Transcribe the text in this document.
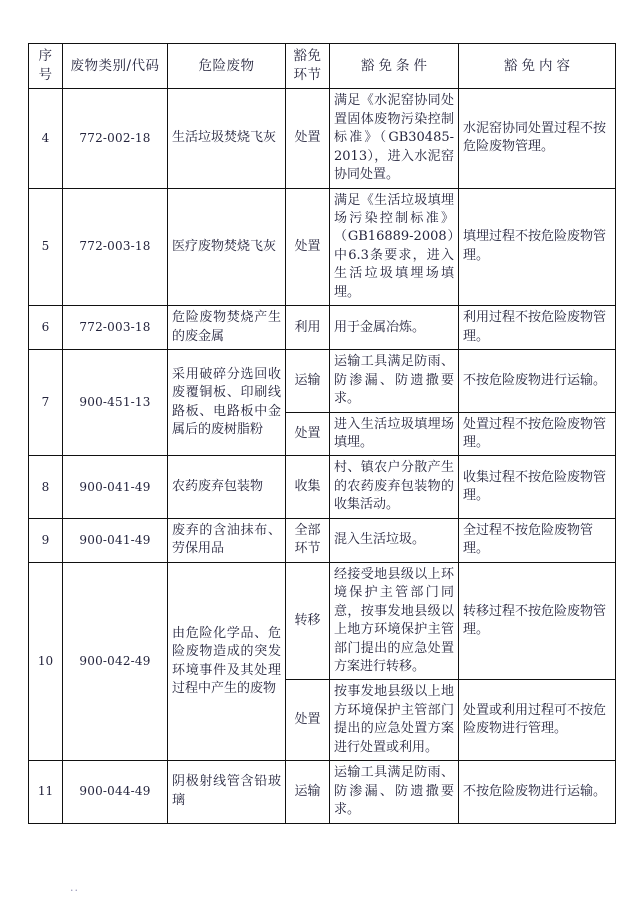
序号	废物类别/代码	危险废物	豁免环节	豁免条件	豁免内容
4	772-002-18	生活垃圾焚烧飞灰	处置	满足《水泥窑协同处置固体废物污染控制标准》（GB30485-2013），进入水泥窑协同处置。	水泥窑协同处置过程不按危险废物管理。
5	772-003-18	医疗废物焚烧飞灰	处置	满足《生活垃圾填埋场污染控制标准》（GB16889-2008）中6.3条要求，进入生活垃圾填埋场填埋。	填埋过程不按危险废物管理。
6	772-003-18	危险废物焚烧产生的废金属	利用	用于金属冶炼。	利用过程不按危险废物管理。
7	900-451-13	采用破碎分选回收废覆铜板、印刷线路板、电路板中金属后的废树脂粉	运输	运输工具满足防雨、防渗漏、防遗撒要求。	不按危险废物进行运输。
			处置	进入生活垃圾填埋场填埋。	处置过程不按危险废物管理。
8	900-041-49	农药废弃包装物	收集	村、镇农户分散产生的农药废弃包装物的收集活动。	收集过程不按危险废物管理。
9	900-041-49	废弃的含油抹布、劳保用品	全部环节	混入生活垃圾。	全过程不按危险废物管理。
10	900-042-49	由危险化学品、危险废物造成的突发环境事件及其处理过程中产生的废物	转移	经接受地县级以上环境保护主管部门同意，按事发地县级以上地方环境保护主管部门提出的应急处置方案进行转移。	转移过程不按危险废物管理。
			处置	按事发地县级以上地方环境保护主管部门提出的应急处置方案进行处置或利用。	处置或利用过程可不按危险废物进行管理。
11	900-044-49	阴极射线管含铅玻璃	运输	运输工具满足防雨、防渗漏、防遗撒要求。	不按危险废物进行运输。
··
